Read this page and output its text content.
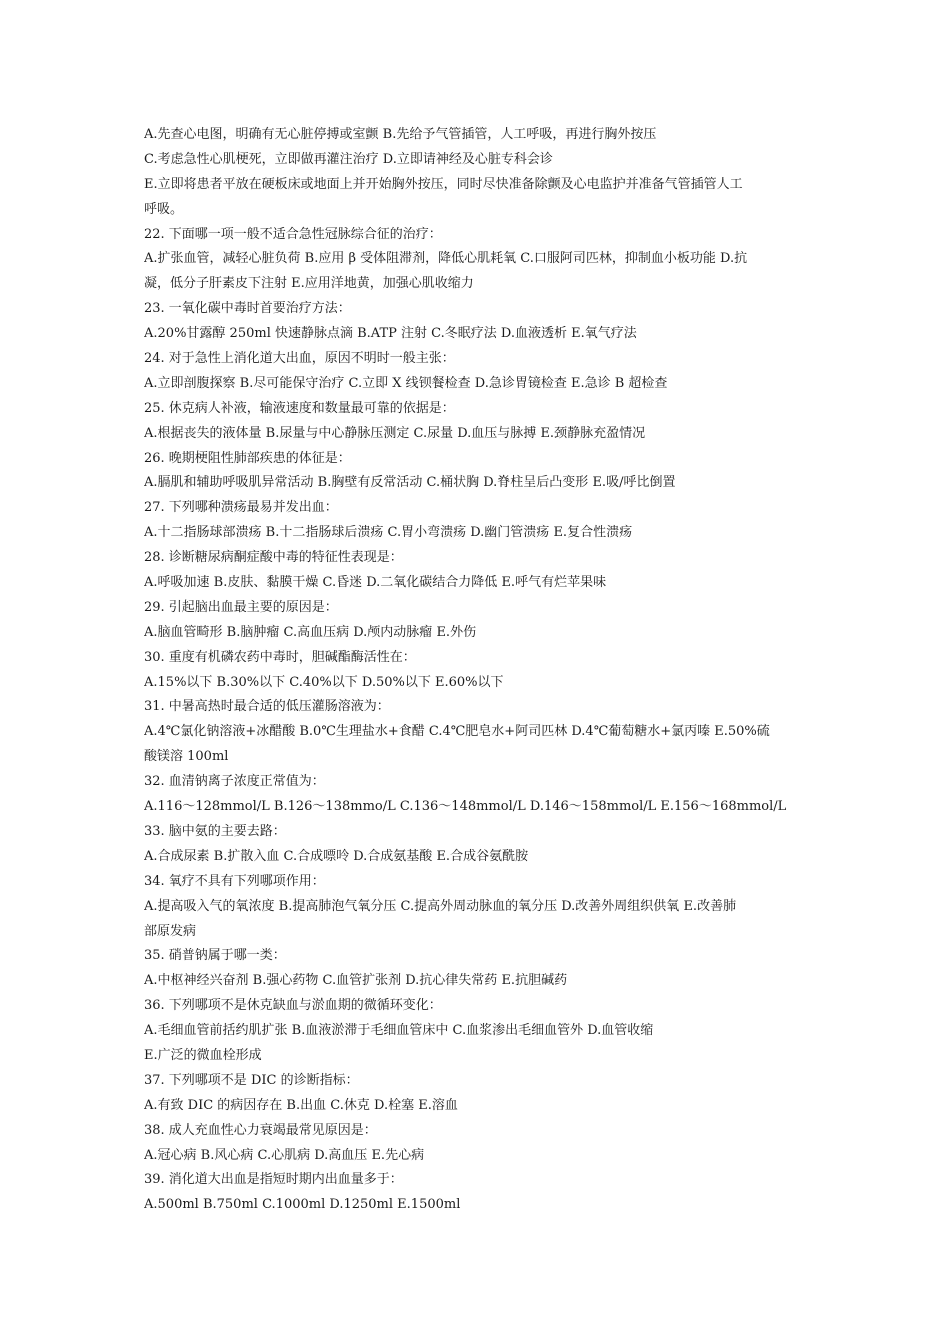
A.先查心电图，明确有无心脏停搏或室颤 B.先给予气管插管，人工呼吸，再进行胸外按压
C.考虑急性心肌梗死，立即做再灌注治疗 D.立即请神经及心脏专科会诊
E.立即将患者平放在硬板床或地面上并开始胸外按压，同时尽快准备除颤及心电监护并准备气管插管人工
呼吸。
22. 下面哪一项一般不适合急性冠脉综合征的治疗：
A.扩张血管，减轻心脏负荷 B.应用 β 受体阻滞剂，降低心肌耗氧 C.口服阿司匹林，抑制血小板功能 D.抗
凝，低分子肝素皮下注射 E.应用洋地黄，加强心肌收缩力
23. 一氧化碳中毒时首要治疗方法：
A.20%甘露醇 250ml 快速静脉点滴 B.ATP 注射 C.冬眠疗法 D.血液透析 E.氧气疗法
24. 对于急性上消化道大出血，原因不明时一般主张：
A.立即剖腹探察 B.尽可能保守治疗 C.立即 X 线钡餐检查 D.急诊胃镜检查 E.急诊 B 超检查
25. 休克病人补液，输液速度和数量最可靠的依据是：
A.根据丧失的液体量 B.尿量与中心静脉压测定 C.尿量 D.血压与脉搏 E.颈静脉充盈情况
26. 晚期梗阻性肺部疾患的体征是：
A.膈肌和辅助呼吸肌异常活动 B.胸壁有反常活动 C.桶状胸 D.脊柱呈后凸变形 E.吸/呼比倒置
27. 下列哪种溃疡最易并发出血：
A.十二指肠球部溃疡 B.十二指肠球后溃疡 C.胃小弯溃疡 D.幽门管溃疡 E.复合性溃疡
28. 诊断糖尿病酮症酸中毒的特征性表现是：
A.呼吸加速 B.皮肤、黏膜干燥 C.昏迷 D.二氧化碳结合力降低 E.呼气有烂苹果味
29. 引起脑出血最主要的原因是：
A.脑血管畸形 B.脑肿瘤 C.高血压病 D.颅内动脉瘤 E.外伤
30. 重度有机磷农药中毒时，胆碱酯酶活性在：
A.15%以下 B.30%以下 C.40%以下 D.50%以下 E.60%以下
31. 中暑高热时最合适的低压灌肠溶液为：
A.4℃氯化钠溶液+冰醋酸 B.0℃生理盐水+食醋 C.4℃肥皂水+阿司匹林 D.4℃葡萄糖水+氯丙嗪 E.50%硫
酸镁溶 100ml
32. 血清钠离子浓度正常值为：
A.116～128mmol/L B.126～138mmo/L C.136～148mmol/L D.146～158mmol/L E.156～168mmol/L
33. 脑中氨的主要去路：
A.合成尿素 B.扩散入血 C.合成嘌呤 D.合成氨基酸 E.合成谷氨酰胺
34. 氧疗不具有下列哪项作用：
A.提高吸入气的氧浓度 B.提高肺泡气氧分压 C.提高外周动脉血的氧分压 D.改善外周组织供氧 E.改善肺
部原发病
35. 硝普钠属于哪一类：
A.中枢神经兴奋剂 B.强心药物 C.血管扩张剂 D.抗心律失常药 E.抗胆碱药
36. 下列哪项不是休克缺血与淤血期的微循环变化：
A.毛细血管前括约肌扩张 B.血液淤滞于毛细血管床中 C.血浆渗出毛细血管外 D.血管收缩
E.广泛的微血栓形成
37. 下列哪项不是 DIC 的诊断指标：
A.有致 DIC 的病因存在 B.出血 C.休克 D.栓塞 E.溶血
38. 成人充血性心力衰竭最常见原因是：
A.冠心病 B.风心病 C.心肌病 D.高血压 E.先心病
39. 消化道大出血是指短时期内出血量多于：
A.500ml B.750ml C.1000ml D.1250ml E.1500ml
